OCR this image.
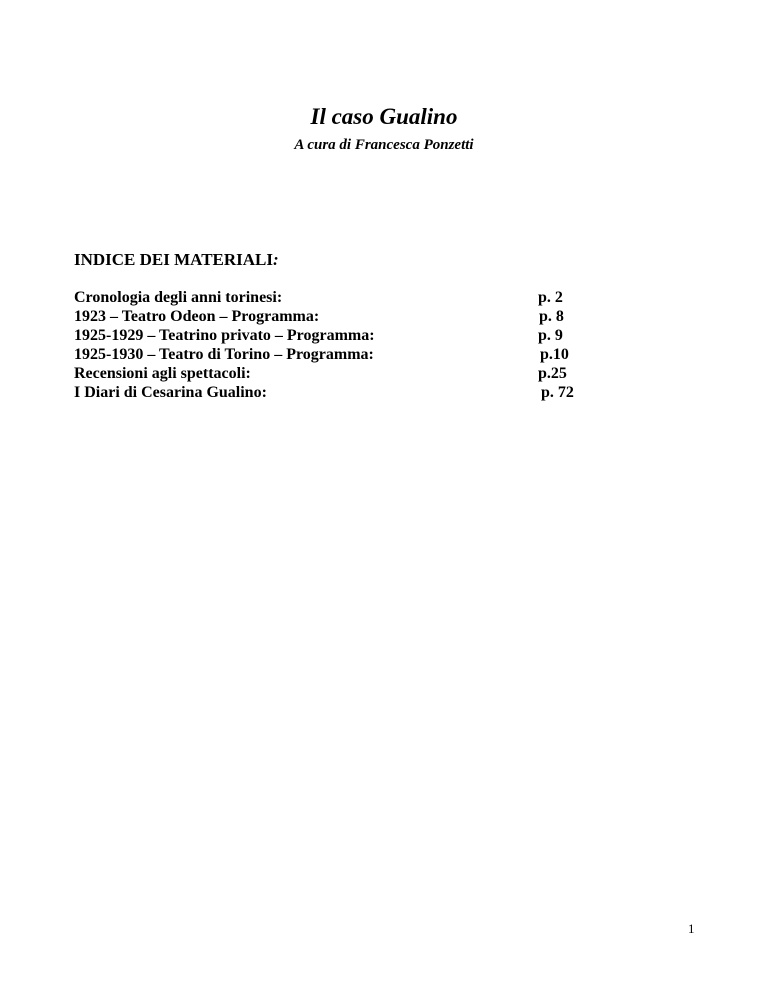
Il caso Gualino
A cura di Francesca Ponzetti
INDICE DEI MATERIALI:
Cronologia degli anni torinesi:	p. 2
1923 – Teatro Odeon – Programma:	p. 8
1925-1929 – Teatrino privato – Programma:	p. 9
1925-1930 – Teatro di Torino – Programma:	p.10
Recensioni agli spettacoli:	p.25
I Diari di Cesarina Gualino:	p. 72
1
